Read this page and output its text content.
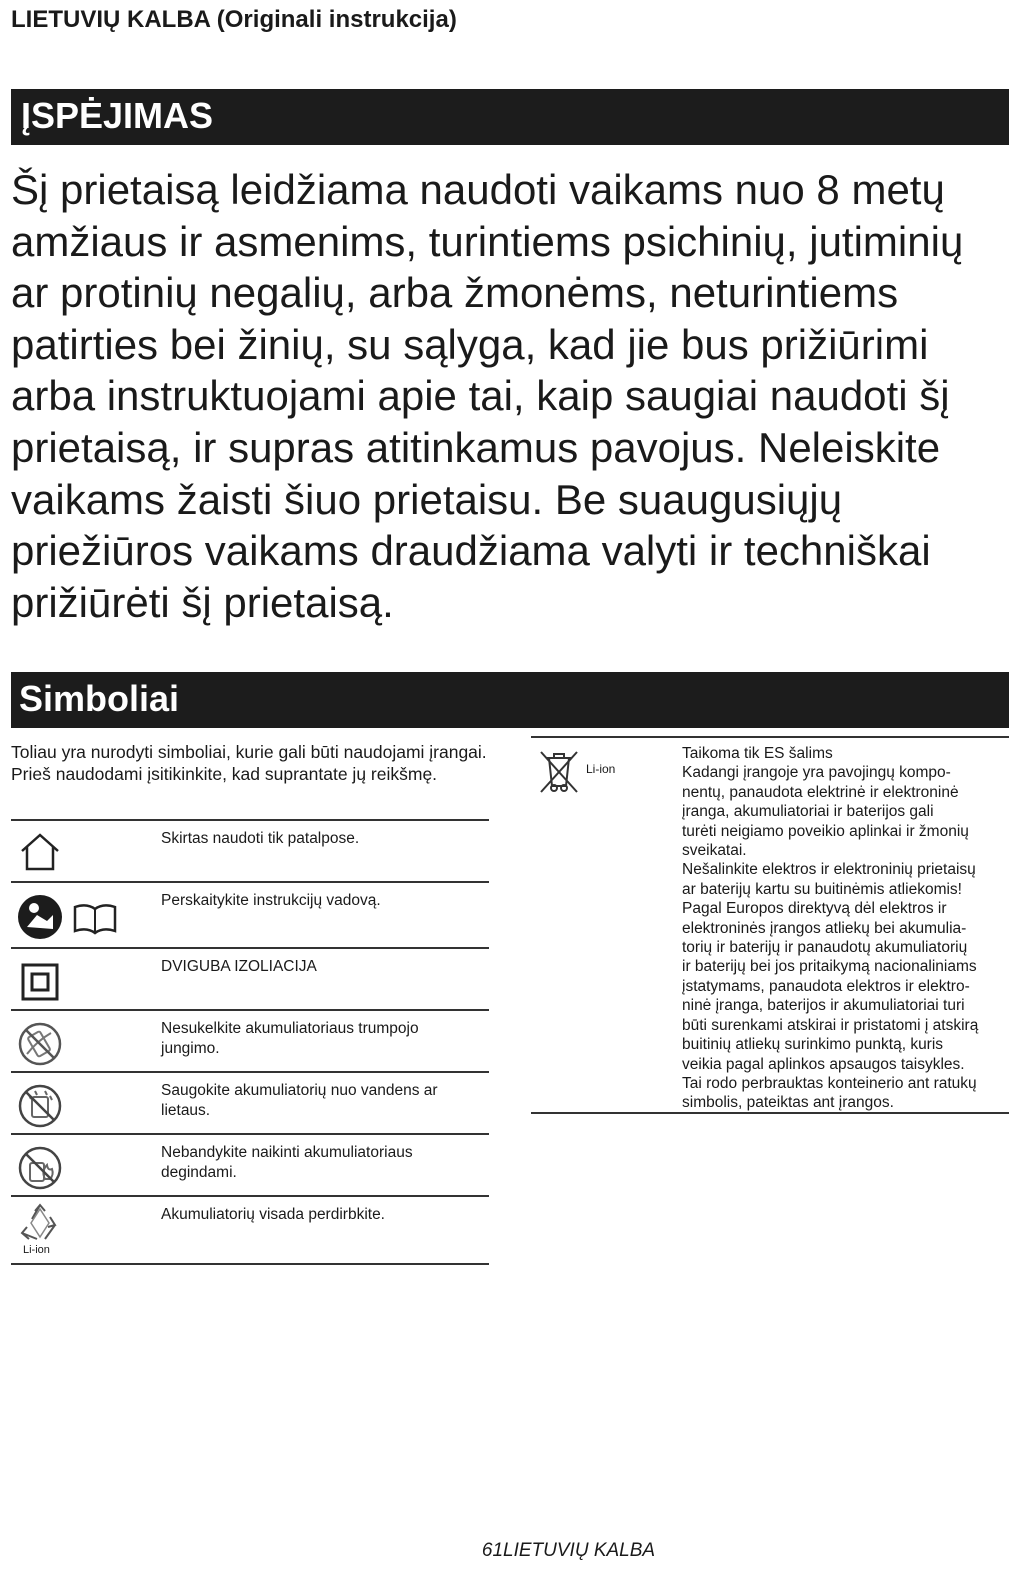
LIETUVIŲ KALBA (Originali instrukcija)
ĮSPĖJIMAS

Šį prietaisą leidžiama naudoti vaikams nuo 8 metų amžiaus ir asmenims, turintiems psichinių, jutiminių ar protinių negalių, arba žmonėms, neturintiems patirties bei žinių, su sąlyga, kad jie bus prižiūrimi arba instruktuojami apie tai, kaip saugiai naudoti šį prietaisą, ir supras atitinkamus pavojus. Neleiskite vaikams žaisti šiuo prietaisu. Be suaugusiųjų priežiūros vaikams draudžiama valyti ir techniškai prižiūrėti šį prietaisą.

Simboliai

Toliau yra nurodyti simboliai, kurie gali būti naudojami įrangai. Prieš naudodami įsitikinkite, kad suprantate jų reikšmę.

Skirtas naudoti tik patalpose.
Perskaitykite instrukcijų vadovą.
DVIGUBA IZOLIACIJA
Nesukelkite akumuliatoriaus trumpojo jungimo.
Saugokite akumuliatorių nuo vandens ar lietaus.
Nebandykite naikinti akumuliatoriaus degindami.
Li-ion
Akumuliatorių visada perdirbkite.
Li-ion
Taikoma tik ES šalims
Kadangi įrangoje yra pavojingų kompo-
nentų, panaudota elektrinė ir elektroninė
įranga, akumuliatoriai ir baterijos gali
turėti neigiamo poveikio aplinkai ir žmonių
sveikatai.
Nešalinkite elektros ir elektroninių prietaisų
ar baterijų kartu su buitinėmis atliekomis!
Pagal Europos direktyvą dėl elektros ir
elektroninės įrangos atliekų bei akumulia-
torių ir baterijų ir panaudotų akumuliatorių
ir baterijų bei jos pritaikymą nacionaliniams
įstatymams, panaudota elektros ir elektro-
ninė įranga, baterijos ir akumuliatoriai turi
būti surenkami atskirai ir pristatomi į atskirą
buitinių atliekų surinkimo punktą, kuris
veikia pagal aplinkos apsaugos taisykles.
Tai rodo perbrauktas konteinerio ant ratukų
simbolis, pateiktas ant įrangos.
61LIETUVIŲ KALBA
